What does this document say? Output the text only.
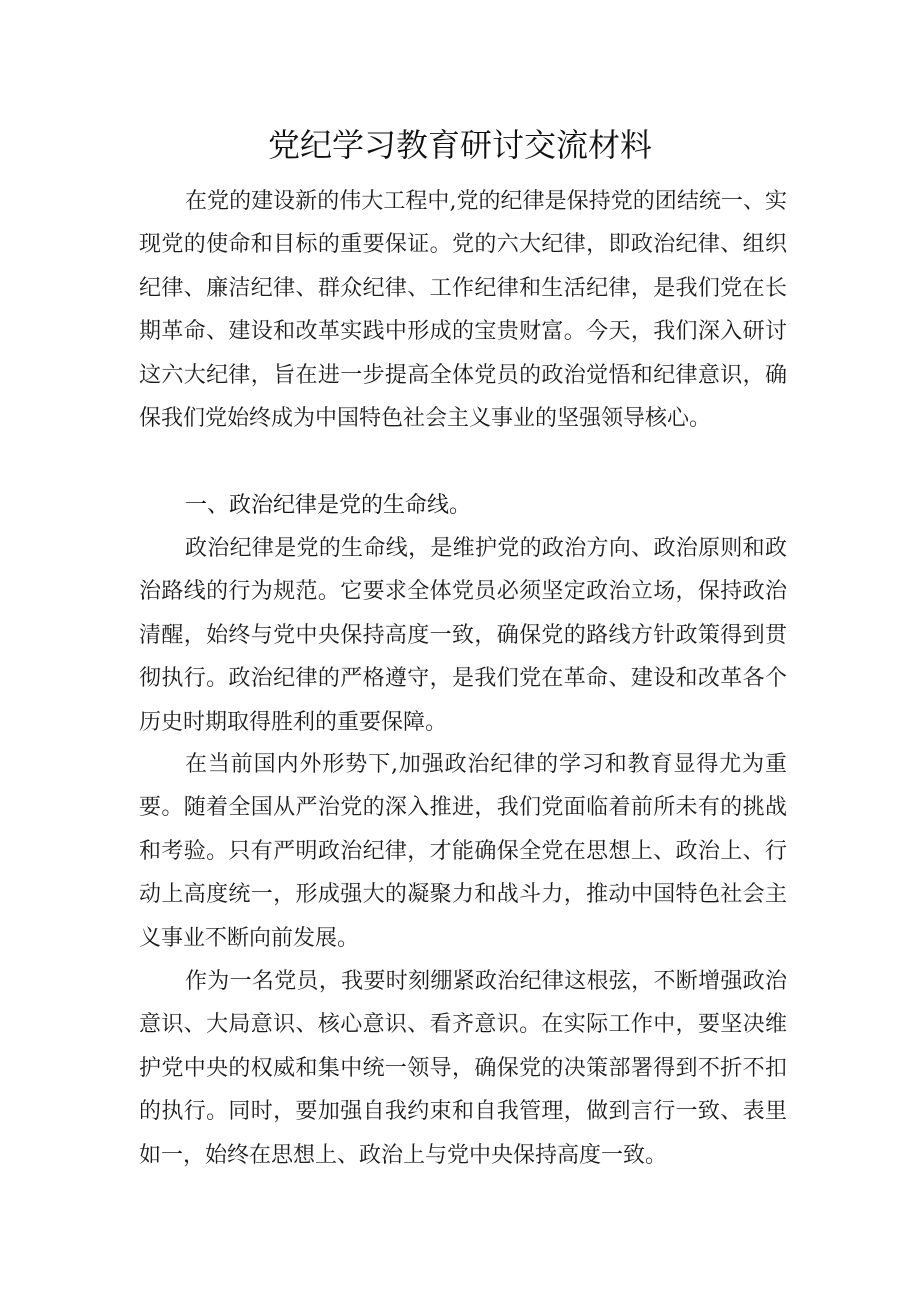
党纪学习教育研讨交流材料

在党的建设新的伟大工程中,党的纪律是保持党的团结统一、实现党的使命和目标的重要保证。党的六大纪律，即政治纪律、组织纪律、廉洁纪律、群众纪律、工作纪律和生活纪律，是我们党在长期革命、建设和改革实践中形成的宝贵财富。今天，我们深入研讨这六大纪律，旨在进一步提高全体党员的政治觉悟和纪律意识，确保我们党始终成为中国特色社会主义事业的坚强领导核心。

一、政治纪律是党的生命线。

政治纪律是党的生命线，是维护党的政治方向、政治原则和政治路线的行为规范。它要求全体党员必须坚定政治立场，保持政治清醒，始终与党中央保持高度一致，确保党的路线方针政策得到贯彻执行。政治纪律的严格遵守，是我们党在革命、建设和改革各个历史时期取得胜利的重要保障。

在当前国内外形势下,加强政治纪律的学习和教育显得尤为重要。随着全国从严治党的深入推进，我们党面临着前所未有的挑战和考验。只有严明政治纪律，才能确保全党在思想上、政治上、行动上高度统一，形成强大的凝聚力和战斗力，推动中国特色社会主义事业不断向前发展。

作为一名党员，我要时刻绷紧政治纪律这根弦，不断增强政治意识、大局意识、核心意识、看齐意识。在实际工作中，要坚决维护党中央的权威和集中统一领导，确保党的决策部署得到不折不扣的执行。同时，要加强自我约束和自我管理，做到言行一致、表里如一，始终在思想上、政治上与党中央保持高度一致。
